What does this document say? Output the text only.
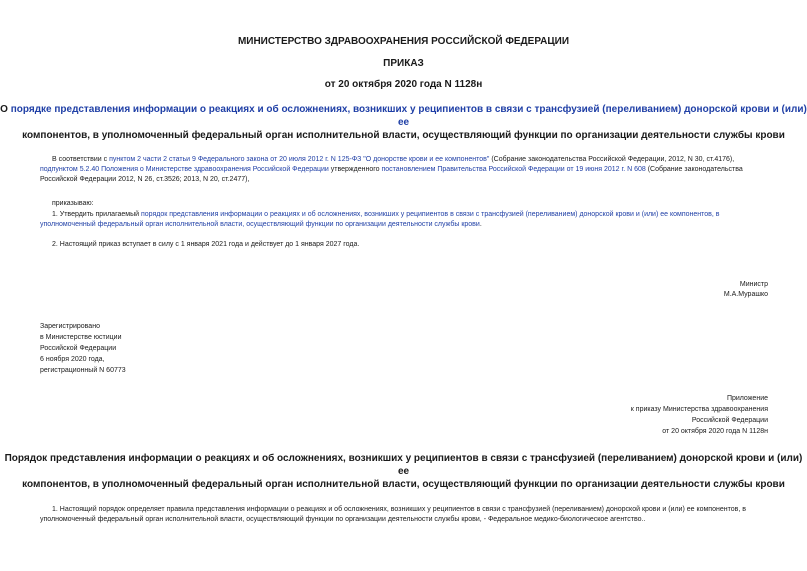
МИНИСТЕРСТВО ЗДРАВООХРАНЕНИЯ РОССИЙСКОЙ ФЕДЕРАЦИИ
ПРИКАЗ
от 20 октября 2020 года N 1128н
О порядке представления информации о реакциях и об осложнениях, возникших у реципиентов в связи с трансфузией (переливанием) донорской крови и (или) ее
компонентов, в уполномоченный федеральный орган исполнительной власти, осуществляющий функции по организации деятельности службы крови
В соответствии с пунктом 2 части 2 статьи 9 Федерального закона от 20 июля 2012 г. N 125-ФЗ "О донорстве крови и ее компонентов" (Собрание законодательства Российской Федерации, 2012, N 30, ст.4176),
подпунктом 5.2.40 Положения о Министерстве здравоохранения Российской Федерации утвержденного постановлением Правительства Российской Федерации от 19 июня 2012 г. N 608 (Собрание законодательства
Российской Федерации 2012, N 26, ст.3526; 2013, N 20, ст.2477),
приказываю:
1. Утвердить прилагаемый порядок представления информации о реакциях и об осложнениях, возникших у реципиентов в связи с трансфузией (переливанием) донорской крови и (или) ее компонентов, в
уполномоченный федеральный орган исполнительной власти, осуществляющий функции по организации деятельности службы крови.
2. Настоящий приказ вступает в силу с 1 января 2021 года и действует до 1 января 2027 года.
Министр
М.А.Мурашко
Зарегистрировано
в Министерстве юстиции
Российской Федерации
6 ноября 2020 года,
регистрационный N 60773
Приложение
к приказу Министерства здравоохранения
Российской Федерации
от 20 октября 2020 года N 1128н
Порядок представления информации о реакциях и об осложнениях, возникших у реципиентов в связи с трансфузией (переливанием) донорской крови и (или) ее
компонентов, в уполномоченный федеральный орган исполнительной власти, осуществляющий функции по организации деятельности службы крови
1. Настоящий порядок определяет правила представления информации о реакциях и об осложнениях, возникших у реципиентов в связи с трансфузией (переливанием) донорской крови и (или) ее компонентов, в
уполномоченный федеральный орган исполнительной власти, осуществляющий функции по организации деятельности службы крови, - Федеральное медико-биологическое агентство..
